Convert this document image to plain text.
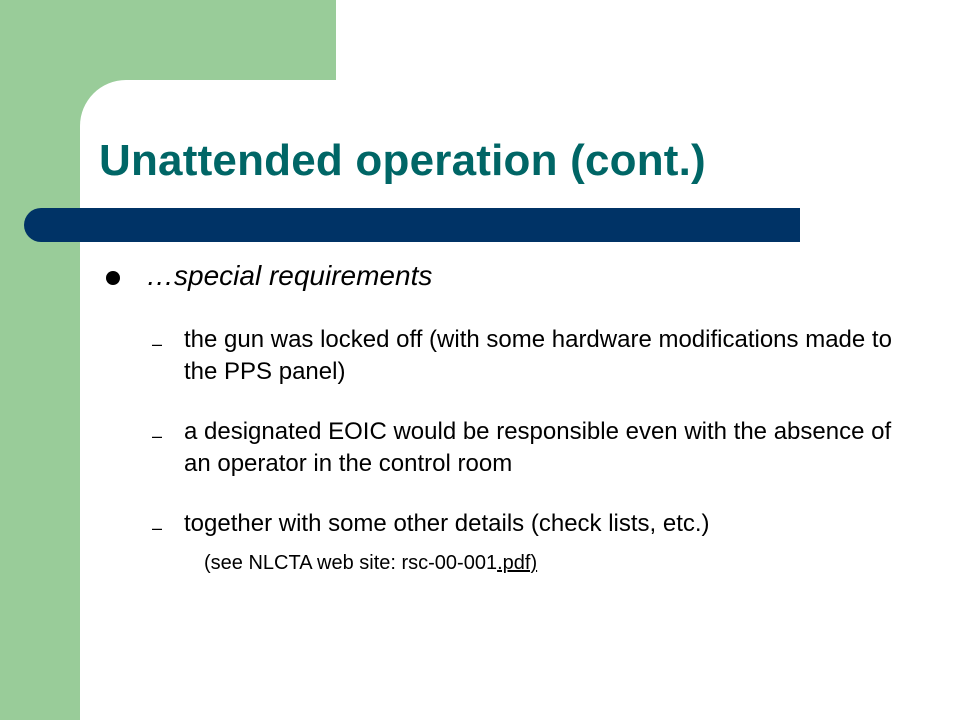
Unattended operation (cont.)
…special requirements
– the gun was locked off (with some hardware modifications made to the PPS panel)
– a designated EOIC would be responsible even with the absence of an operator in the control room
– together with some other details (check lists, etc.)
(see NLCTA web site: rsc-00-001.pdf)
